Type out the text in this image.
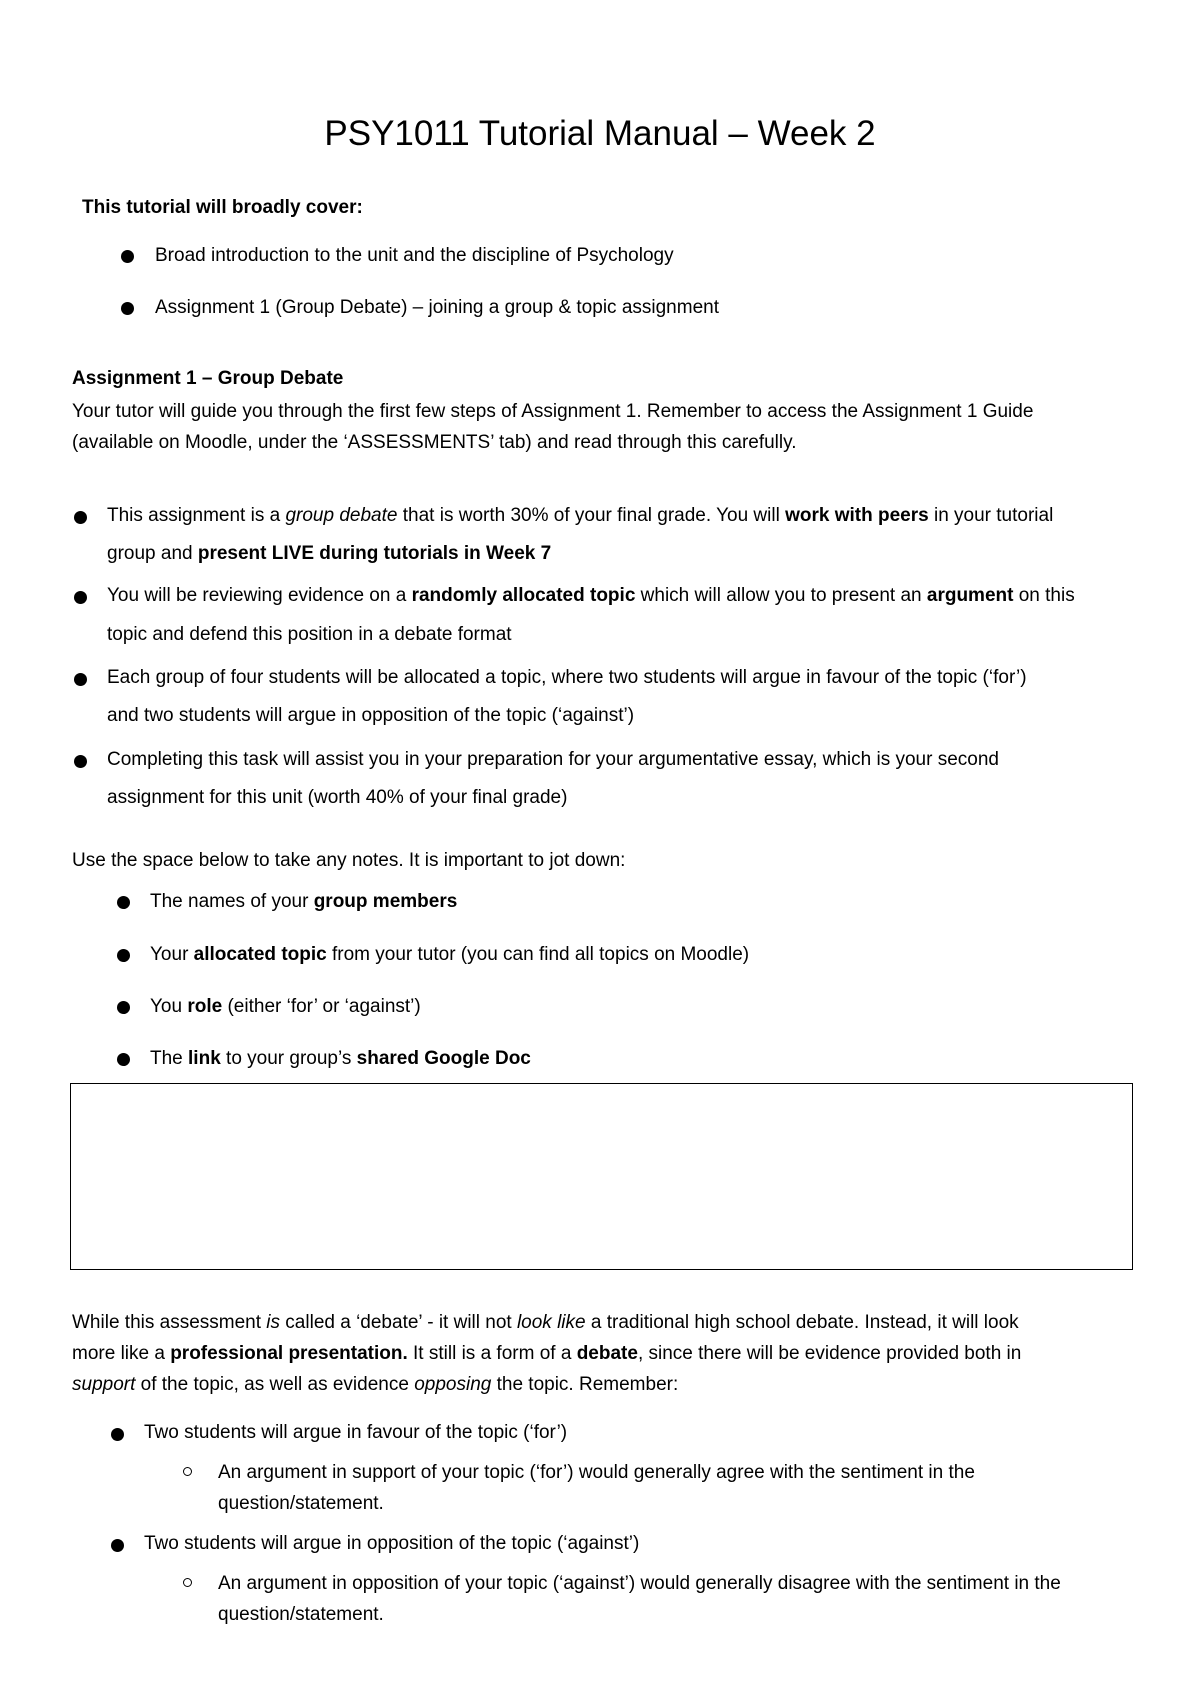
PSY1011 Tutorial Manual – Week 2
This tutorial will broadly cover:
Broad introduction to the unit and the discipline of Psychology
Assignment 1 (Group Debate) – joining a group & topic assignment
Assignment 1 – Group Debate
Your tutor will guide you through the first few steps of Assignment 1. Remember to access the Assignment 1 Guide
(available on Moodle, under the ‘ASSESSMENTS’ tab) and read through this carefully.
This assignment is a group debate that is worth 30% of your final grade. You will work with peers in your tutorial
group and present LIVE during tutorials in Week 7
You will be reviewing evidence on a randomly allocated topic which will allow you to present an argument on this
topic and defend this position in a debate format
Each group of four students will be allocated a topic, where two students will argue in favour of the topic (‘for’)
and two students will argue in opposition of the topic (‘against’)
Completing this task will assist you in your preparation for your argumentative essay, which is your second
assignment for this unit (worth 40% of your final grade)
Use the space below to take any notes. It is important to jot down:
The names of your group members
Your allocated topic from your tutor (you can find all topics on Moodle)
You role (either ‘for’ or ‘against’)
The link to your group’s shared Google Doc
While this assessment is called a ‘debate’ - it will not look like a traditional high school debate. Instead, it will look
more like a professional presentation. It still is a form of a debate, since there will be evidence provided both in
support of the topic, as well as evidence opposing the topic. Remember:
Two students will argue in favour of the topic (‘for’)
An argument in support of your topic (‘for’) would generally agree with the sentiment in the
question/statement.
Two students will argue in opposition of the topic (‘against’)
An argument in opposition of your topic (‘against’) would generally disagree with the sentiment in the
question/statement.
